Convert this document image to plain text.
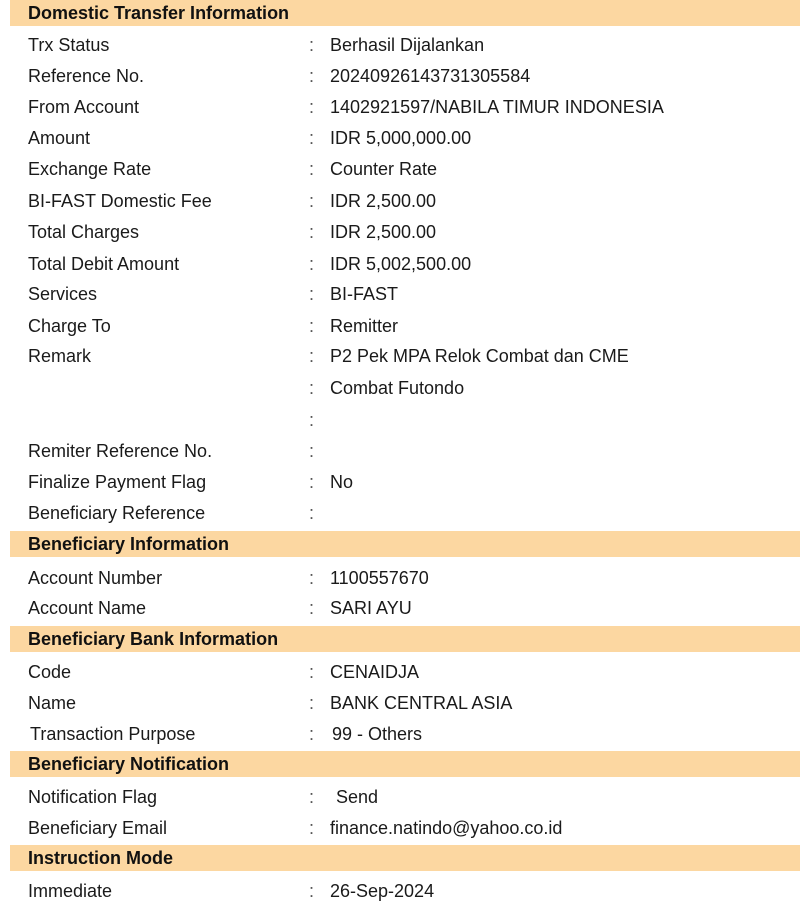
Domestic Transfer Information
Trx Status	: Berhasil Dijalankan
Reference No.	: 20240926143731305584
From Account	: 1402921597/NABILA TIMUR INDONESIA
Amount	: IDR 5,000,000.00
Exchange Rate	: Counter Rate
BI-FAST Domestic Fee	: IDR 2,500.00
Total Charges	: IDR 2,500.00
Total Debit Amount	: IDR 5,002,500.00
Services	: BI-FAST
Charge To	: Remitter
Remark	: P2 Pek MPA Relok Combat dan CME
: Combat Futondo
:
Remiter Reference No.	:
Finalize Payment Flag	: No
Beneficiary Reference	:
Beneficiary Information
Account Number	: 1100557670
Account Name	: SARI AYU
Beneficiary Bank Information
Code	: CENAIDJA
Name	: BANK CENTRAL ASIA
Transaction Purpose	: 99 - Others
Beneficiary Notification
Notification Flag	: Send
Beneficiary Email	: finance.natindo@yahoo.co.id
Instruction Mode
Immediate	: 26-Sep-2024
